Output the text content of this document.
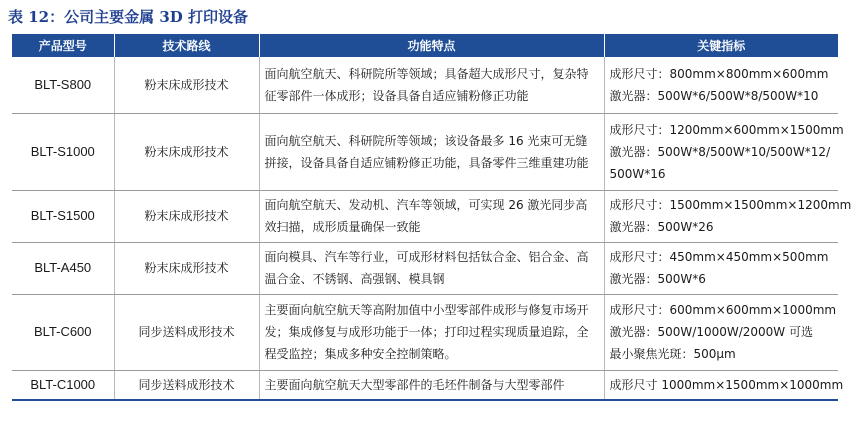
表 12：公司主要金属 3D 打印设备
产品型号	技术路线	功能特点	关键指标
BLT-S800	粉末床成形技术	面向航空航天、科研院所等领域；具备超大成形尺寸，复杂特征零部件一体成形；设备具备自适应铺粉修正功能	成形尺寸：800mm×800mm×600mm
激光器：500W*6/500W*8/500W*10

BLT-S1000	粉末床成形技术	面向航空航天、科研院所等领域；该设备最多 16 光束可无缝拼接，设备具备自适应铺粉修正功能，具备零件三维重建功能	成形尺寸：1200mm×600mm×1500mm
激光器：500W*8/500W*10/500W*12/
500W*16

BLT-S1500	粉末床成形技术	面向航空航天、发动机、汽车等领域，可实现 26 激光同步高效扫描，成形质量确保一致能	成形尺寸：1500mm×1500mm×1200mm
激光器：500W*26

BLT-A450	粉末床成形技术	面向模具、汽车等行业，可成形材料包括钛合金、铝合金、高温合金、不锈钢、高强钢、模具钢	成形尺寸：450mm×450mm×500mm
激光器：500W*6

BLT-C600	同步送料成形技术	主要面向航空航天等高附加值中小型零部件成形与修复市场开发；集成修复与成形功能于一体；打印过程实现质量追踪，全程受监控；集成多种安全控制策略。	成形尺寸：600mm×600mm×1000mm
激光器：500W/1000W/2000W 可选
最小聚焦光斑：500μm

BLT-C1000	同步送料成形技术	主要面向航空航天大型零部件的毛坯件制备与大型零部件	成形尺寸 1000mm×1500mm×1000mm
